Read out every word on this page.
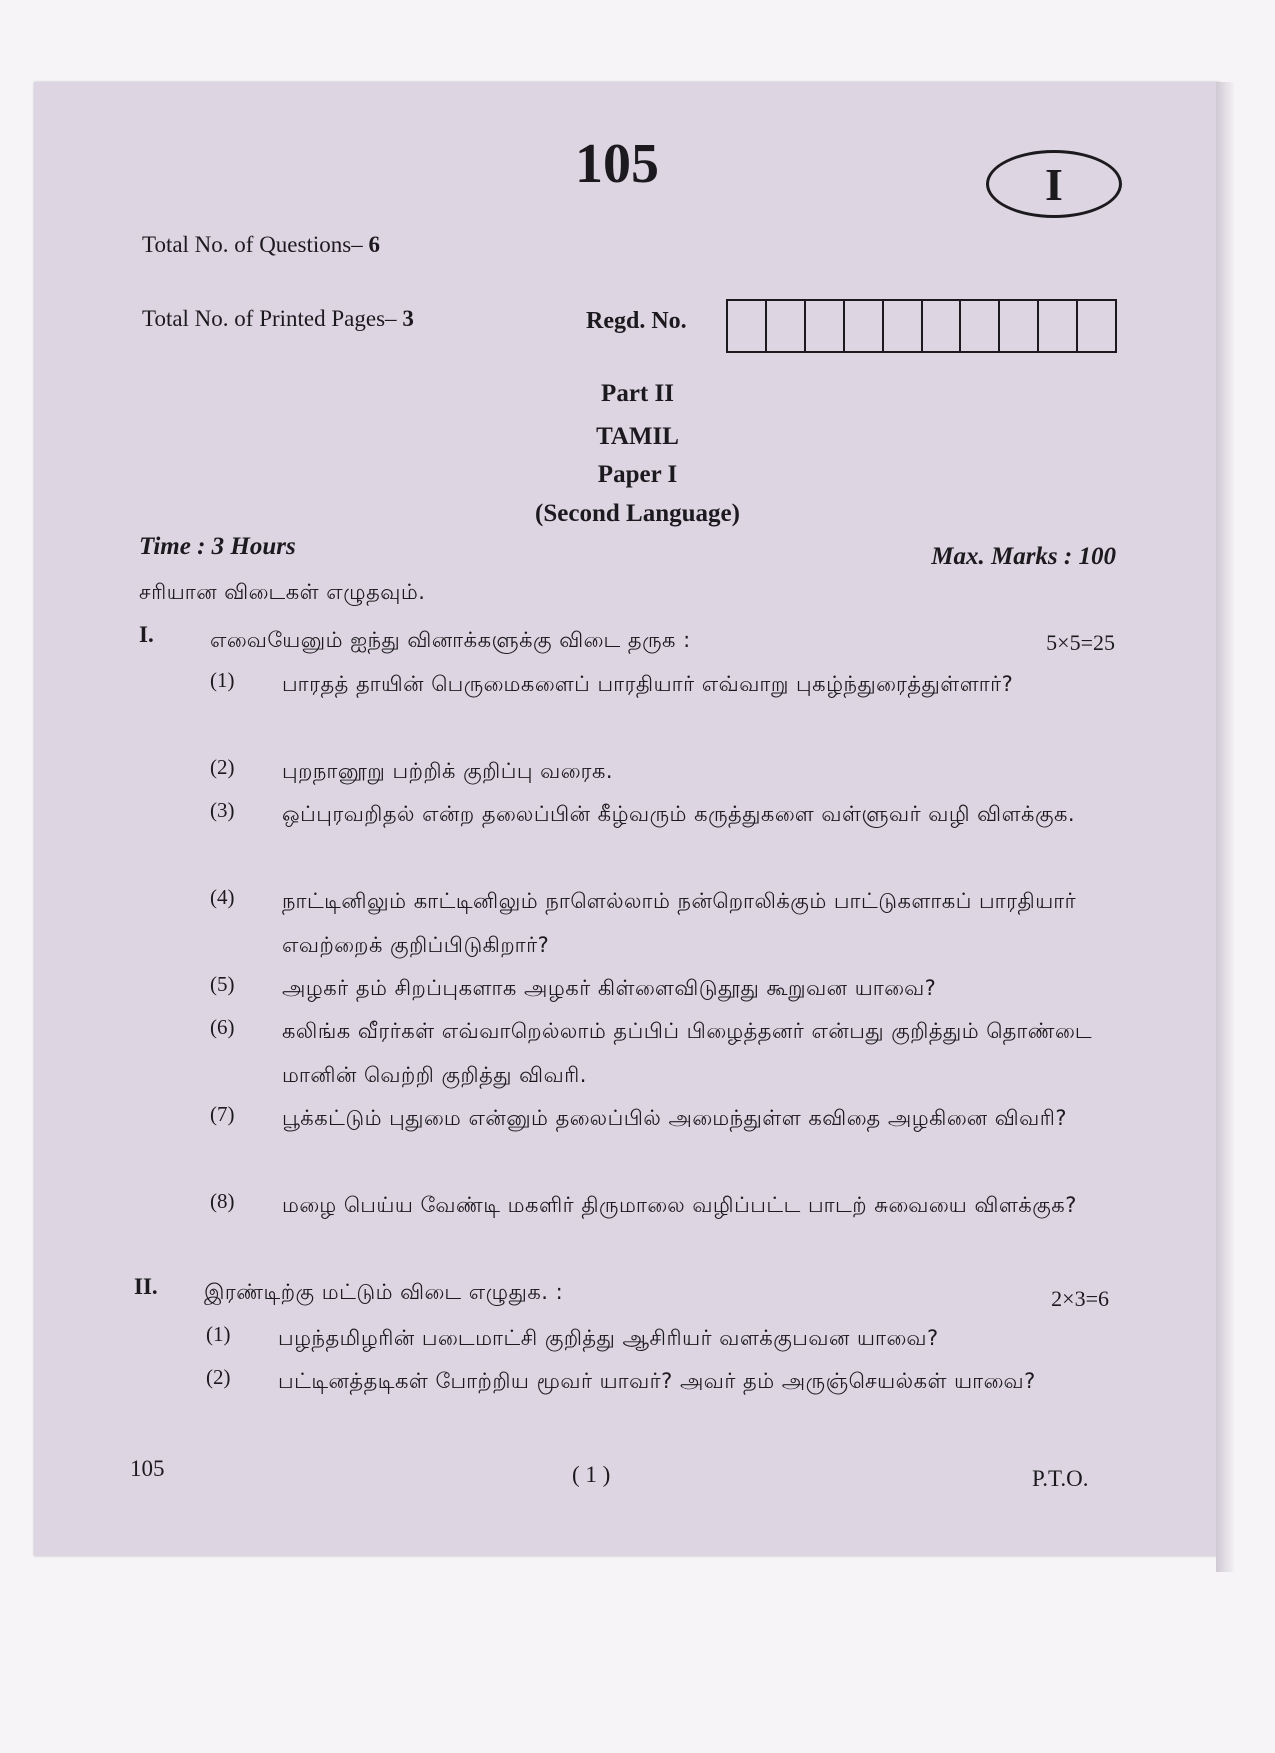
105	I
Total No. of Questions– 6
Total No. of Printed Pages– 3	Regd. No.
Part II
TAMIL
Paper I
(Second Language)
Time : 3 Hours	Max. Marks : 100
சரியான விடைகள் எழுதவும்.
I.	எவையேனும் ஐந்து வினாக்களுக்கு விடை தருக :	5×5=25
(1) பாரதத் தாயின் பெருமைகளைப் பாரதியார் எவ்வாறு புகழ்ந்துரைத்துள்ளார்?
(2) புறநானூறு பற்றிக் குறிப்பு வரைக.
(3) ஒப்புரவறிதல் என்ற தலைப்பின் கீழ்வரும் கருத்துகளை வள்ளுவர் வழி விளக்குக.
(4) நாட்டினிலும் காட்டினிலும் நாளெல்லாம் நன்றொலிக்கும் பாட்டுகளாகப் பாரதியார் எவற்றைக் குறிப்பிடுகிறார்?
(5) அழகர் தம் சிறப்புகளாக அழகர் கிள்ளைவிடுதூது கூறுவன யாவை?
(6) கலிங்க வீரர்கள் எவ்வாறெல்லாம் தப்பிப் பிழைத்தனர் என்பது குறித்தும் தொண்டை மானின் வெற்றி குறித்து விவரி.
(7) பூக்கட்டும் புதுமை என்னும் தலைப்பில் அமைந்துள்ள கவிதை அழகினை விவரி?
(8) மழை பெய்ய வேண்டி மகளிர் திருமாலை வழிப்பட்ட பாடற் சுவையை விளக்குக?
II. இரண்டிற்கு மட்டும் விடை எழுதுக. :	2×3=6
(1) பழந்தமிழரின் படைமாட்சி குறித்து ஆசிரியர் வளக்குபவன யாவை?
(2) பட்டினத்தடிகள் போற்றிய மூவர் யாவர்? அவர் தம் அருஞ்செயல்கள் யாவை?
105	( 1 )	P.T.O.
